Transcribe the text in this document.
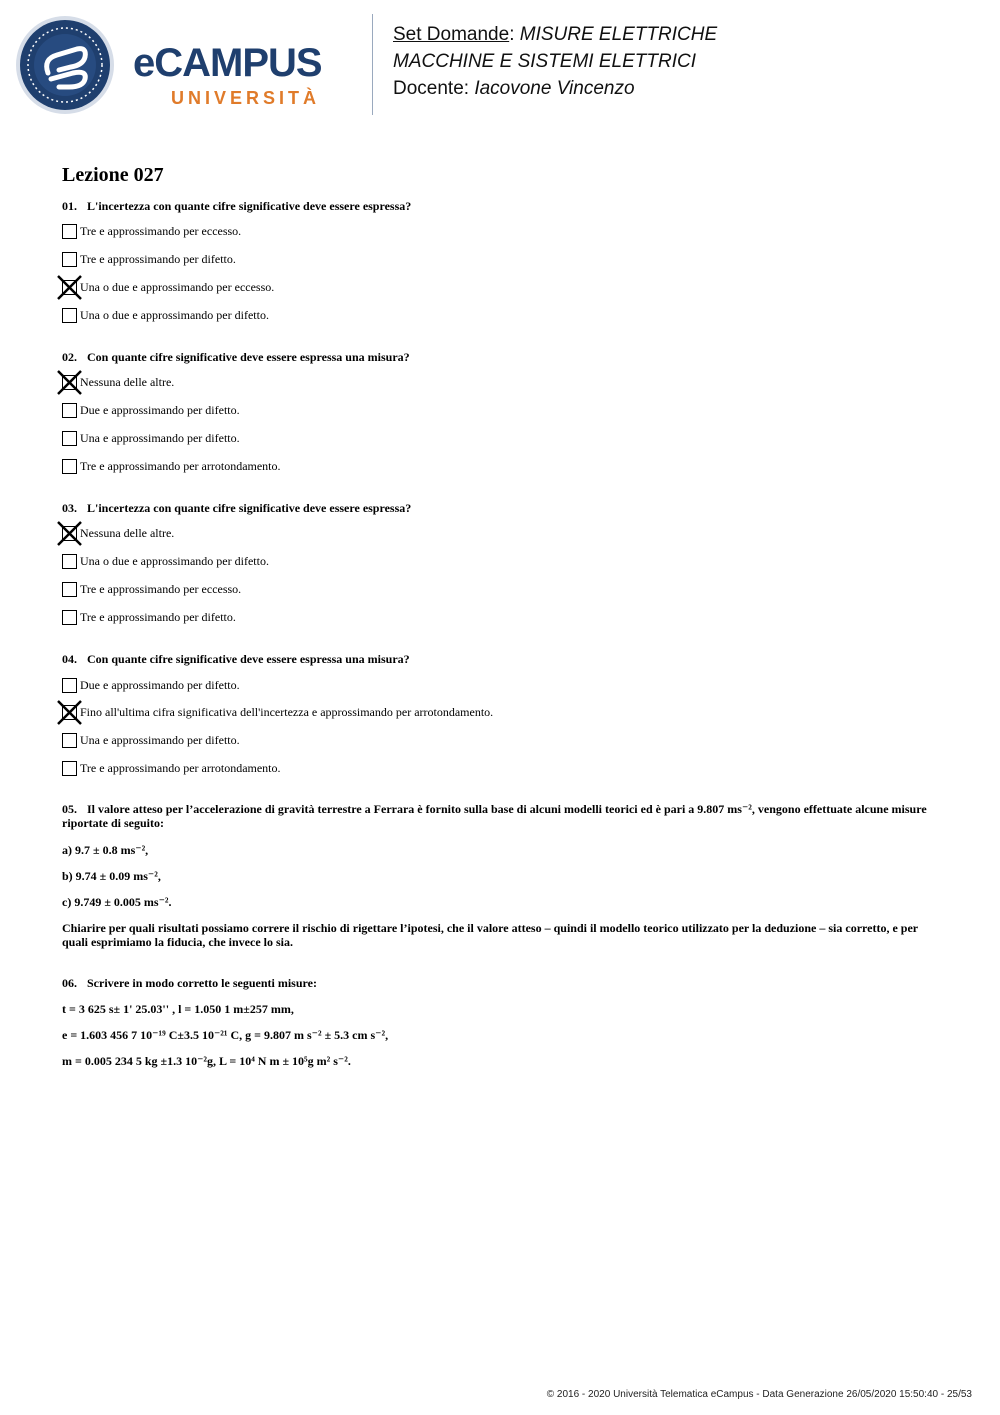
eCAMPUS
UNIVERSITÀ
Set Domande: MISURE ELETTRICHE
MACCHINE E SISTEMI ELETTRICI
Docente: Iacovone Vincenzo
Lezione 027
01. L'incertezza con quante cifre significative deve essere espressa?
Tre e approssimando per eccesso.
Tre e approssimando per difetto.
Una o due e approssimando per eccesso.
Una o due e approssimando per difetto.
02. Con quante cifre significative deve essere espressa una misura?
Nessuna delle altre.
Due e approssimando per difetto.
Una e approssimando per difetto.
Tre e approssimando per arrotondamento.
03. L'incertezza con quante cifre significative deve essere espressa?
Nessuna delle altre.
Una o due e approssimando per difetto.
Tre e approssimando per eccesso.
Tre e approssimando per difetto.
04. Con quante cifre significative deve essere espressa una misura?
Due e approssimando per difetto.
Fino all'ultima cifra significativa dell'incertezza e approssimando per arrotondamento.
Una e approssimando per difetto.
Tre e approssimando per arrotondamento.
05. Il valore atteso per l’accelerazione di gravità terrestre a Ferrara è fornito sulla base di alcuni modelli teorici ed è pari a 9.807 ms⁻², vengono effettuate alcune misure riportate di seguito:
a) 9.7 ± 0.8 ms⁻²,
b) 9.74 ± 0.09 ms⁻²,
c) 9.749 ± 0.005 ms⁻².
Chiarire per quali risultati possiamo correre il rischio di rigettare l’ipotesi, che il valore atteso – quindi il modello teorico utilizzato per la deduzione – sia corretto, e per quali esprimiamo la fiducia, che invece lo sia.
06. Scrivere in modo corretto le seguenti misure:
t = 3 625 s± 1' 25.03'' , l = 1.050 1 m±257 mm,
e = 1.603 456 7 10⁻¹⁹ C±3.5 10⁻²¹ C, g = 9.807 m s⁻² ± 5.3 cm s⁻²,
m = 0.005 234 5 kg ±1.3 10⁻²g, L = 10⁴ N m ± 10⁵g m² s⁻².
© 2016 - 2020 Università Telematica eCampus - Data Generazione 26/05/2020 15:50:40 - 25/53
